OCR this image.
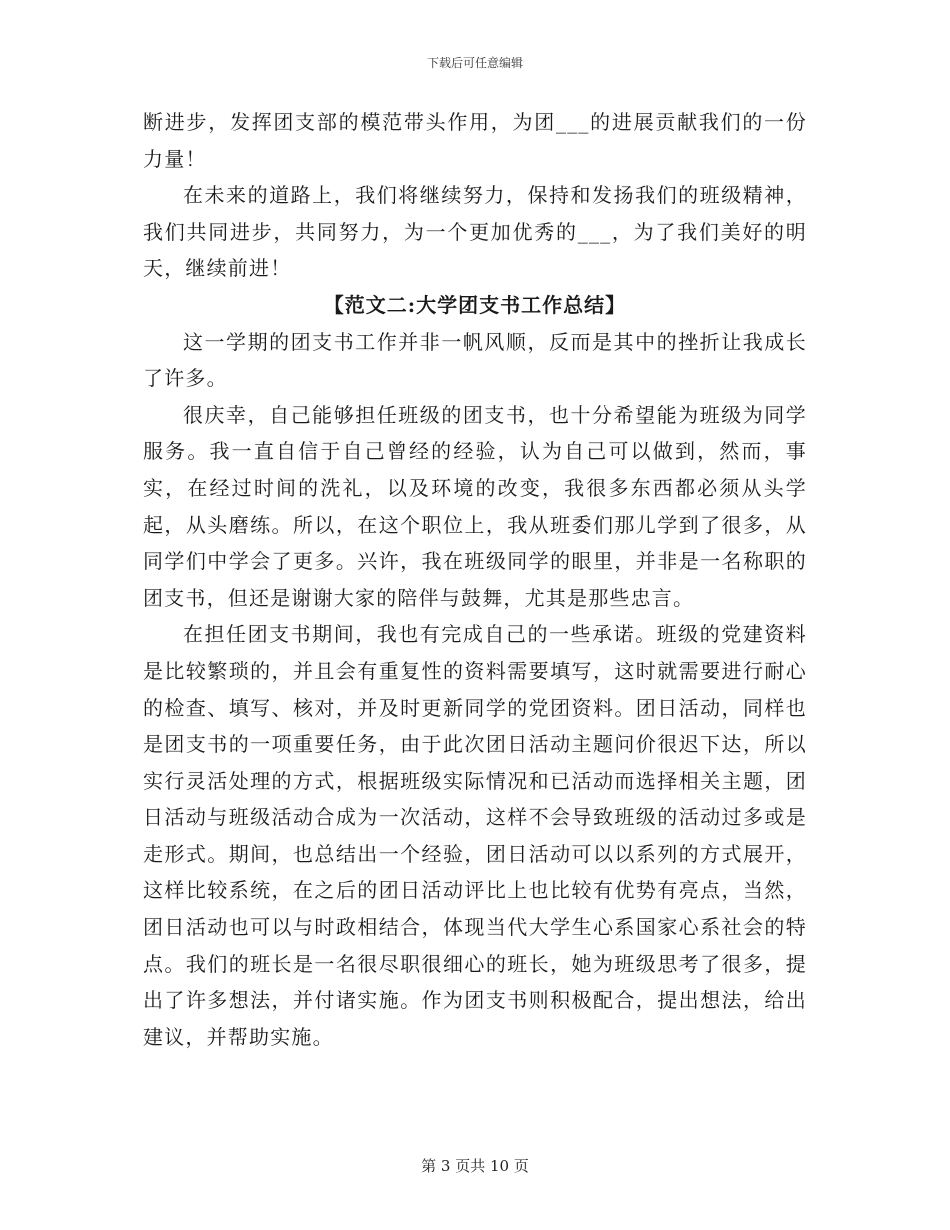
下载后可任意编辑

断进步，发挥团支部的模范带头作用，为团___的进展贡献我们的一份力量！

在未来的道路上，我们将继续努力，保持和发扬我们的班级精神，我们共同进步，共同努力，为一个更加优秀的___，为了我们美好的明天，继续前进！

【范文二:大学团支书工作总结】

这一学期的团支书工作并非一帆风顺，反而是其中的挫折让我成长了许多。

很庆幸，自己能够担任班级的团支书，也十分希望能为班级为同学服务。我一直自信于自己曾经的经验，认为自己可以做到，然而，事实，在经过时间的洗礼，以及环境的改变，我很多东西都必须从头学起，从头磨练。所以，在这个职位上，我从班委们那儿学到了很多，从同学们中学会了更多。兴许，我在班级同学的眼里，并非是一名称职的团支书，但还是谢谢大家的陪伴与鼓舞，尤其是那些忠言。

在担任团支书期间，我也有完成自己的一些承诺。班级的党建资料是比较繁琐的，并且会有重复性的资料需要填写，这时就需要进行耐心的检查、填写、核对，并及时更新同学的党团资料。团日活动，同样也是团支书的一项重要任务，由于此次团日活动主题问价很迟下达，所以实行灵活处理的方式，根据班级实际情况和已活动而选择相关主题，团日活动与班级活动合成为一次活动，这样不会导致班级的活动过多或是走形式。期间，也总结出一个经验，团日活动可以以系列的方式展开，这样比较系统，在之后的团日活动评比上也比较有优势有亮点，当然，团日活动也可以与时政相结合，体现当代大学生心系国家心系社会的特点。我们的班长是一名很尽职很细心的班长，她为班级思考了很多，提出了许多想法，并付诸实施。作为团支书则积极配合，提出想法，给出建议，并帮助实施。

第 3 页共 10 页
